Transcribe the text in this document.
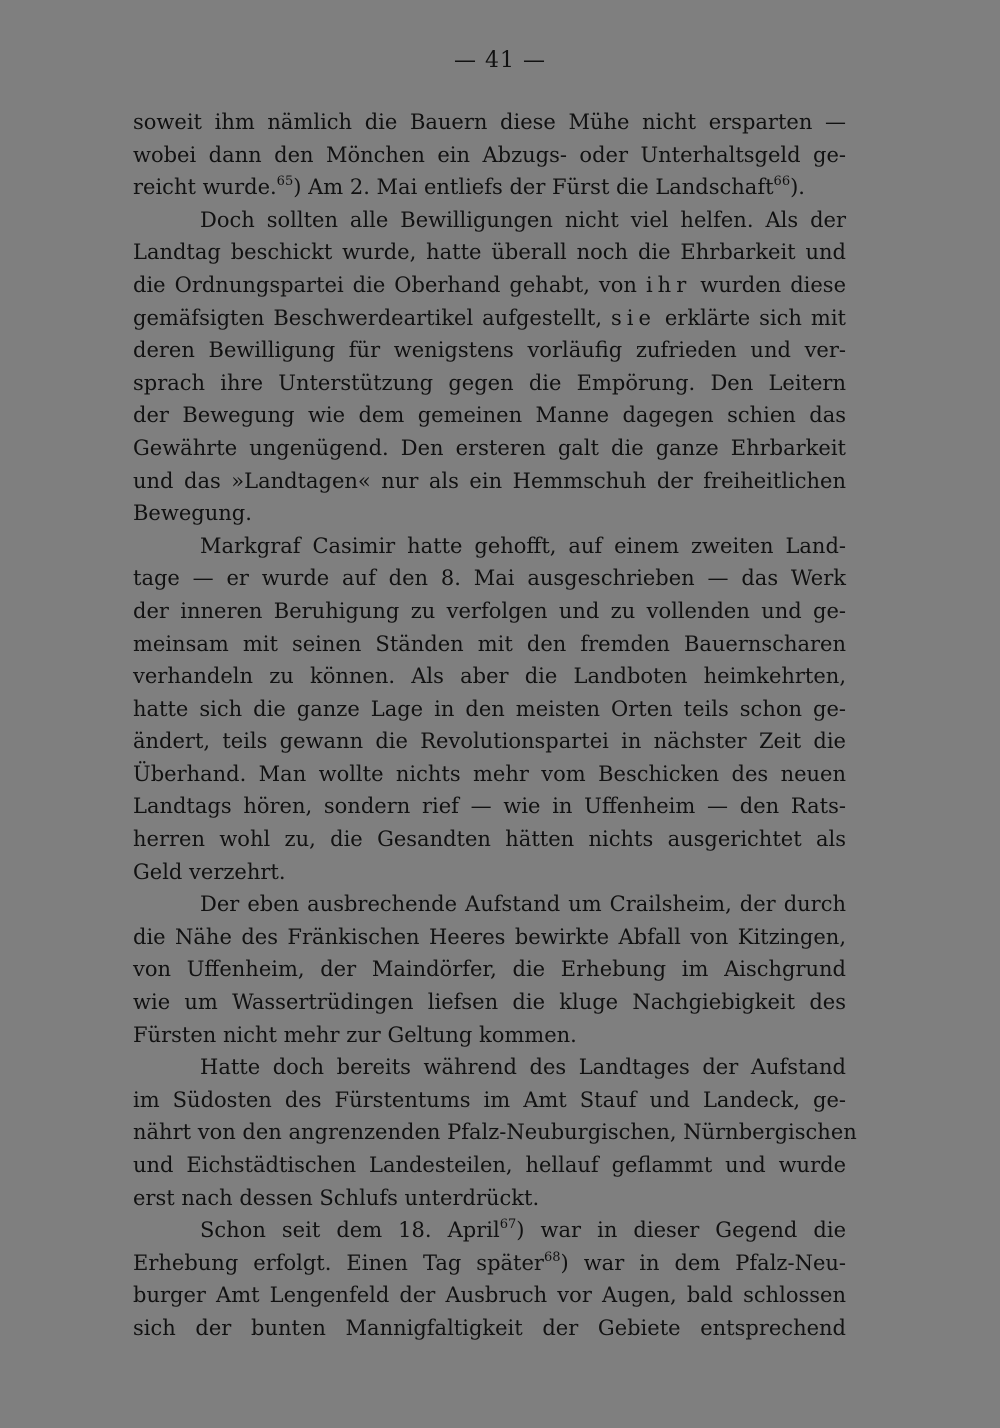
— 41 —
soweit ihm nämlich die Bauern diese Mühe nicht ersparten —
wobei dann den Mönchen ein Abzugs- oder Unterhaltsgeld ge-
reicht wurde.$^{65}$) Am 2. Mai entliefs der Fürst die Landschaft$^{66}$).
Doch sollten alle Bewilligungen nicht viel helfen. Als der
Landtag beschickt wurde, hatte überall noch die Ehrbarkeit und
die Ordnungspartei die Oberhand gehabt, von ihr wurden diese
gemäfsigten Beschwerdeartikel aufgestellt, sie erklärte sich mit
deren Bewilligung für wenigstens vorläufig zufrieden und ver-
sprach ihre Unterstützung gegen die Empörung. Den Leitern
der Bewegung wie dem gemeinen Manne dagegen schien das
Gewährte ungenügend. Den ersteren galt die ganze Ehrbarkeit
und das »Landtagen« nur als ein Hemmschuh der freiheitlichen
Bewegung.
Markgraf Casimir hatte gehofft, auf einem zweiten Land-
tage — er wurde auf den 8. Mai ausgeschrieben — das Werk
der inneren Beruhigung zu verfolgen und zu vollenden und ge-
meinsam mit seinen Ständen mit den fremden Bauernscharen
verhandeln zu können. Als aber die Landboten heimkehrten,
hatte sich die ganze Lage in den meisten Orten teils schon ge-
ändert, teils gewann die Revolutionspartei in nächster Zeit die
Überhand. Man wollte nichts mehr vom Beschicken des neuen
Landtags hören, sondern rief — wie in Uffenheim — den Rats-
herren wohl zu, die Gesandten hätten nichts ausgerichtet als
Geld verzehrt.
Der eben ausbrechende Aufstand um Crailsheim, der durch
die Nähe des Fränkischen Heeres bewirkte Abfall von Kitzingen,
von Uffenheim, der Maindörfer, die Erhebung im Aischgrund
wie um Wassertrüdingen liefsen die kluge Nachgiebigkeit des
Fürsten nicht mehr zur Geltung kommen.
Hatte doch bereits während des Landtages der Aufstand
im Südosten des Fürstentums im Amt Stauf und Landeck, ge-
nährt von den angrenzenden Pfalz-Neuburgischen, Nürnbergischen
und Eichstädtischen Landesteilen, hellauf geflammt und wurde
erst nach dessen Schlufs unterdrückt.
Schon seit dem 18. April$^{67}$) war in dieser Gegend die
Erhebung erfolgt. Einen Tag später$^{68}$) war in dem Pfalz-Neu-
burger Amt Lengenfeld der Ausbruch vor Augen, bald schlossen
sich der bunten Mannigfaltigkeit der Gebiete entsprechend
